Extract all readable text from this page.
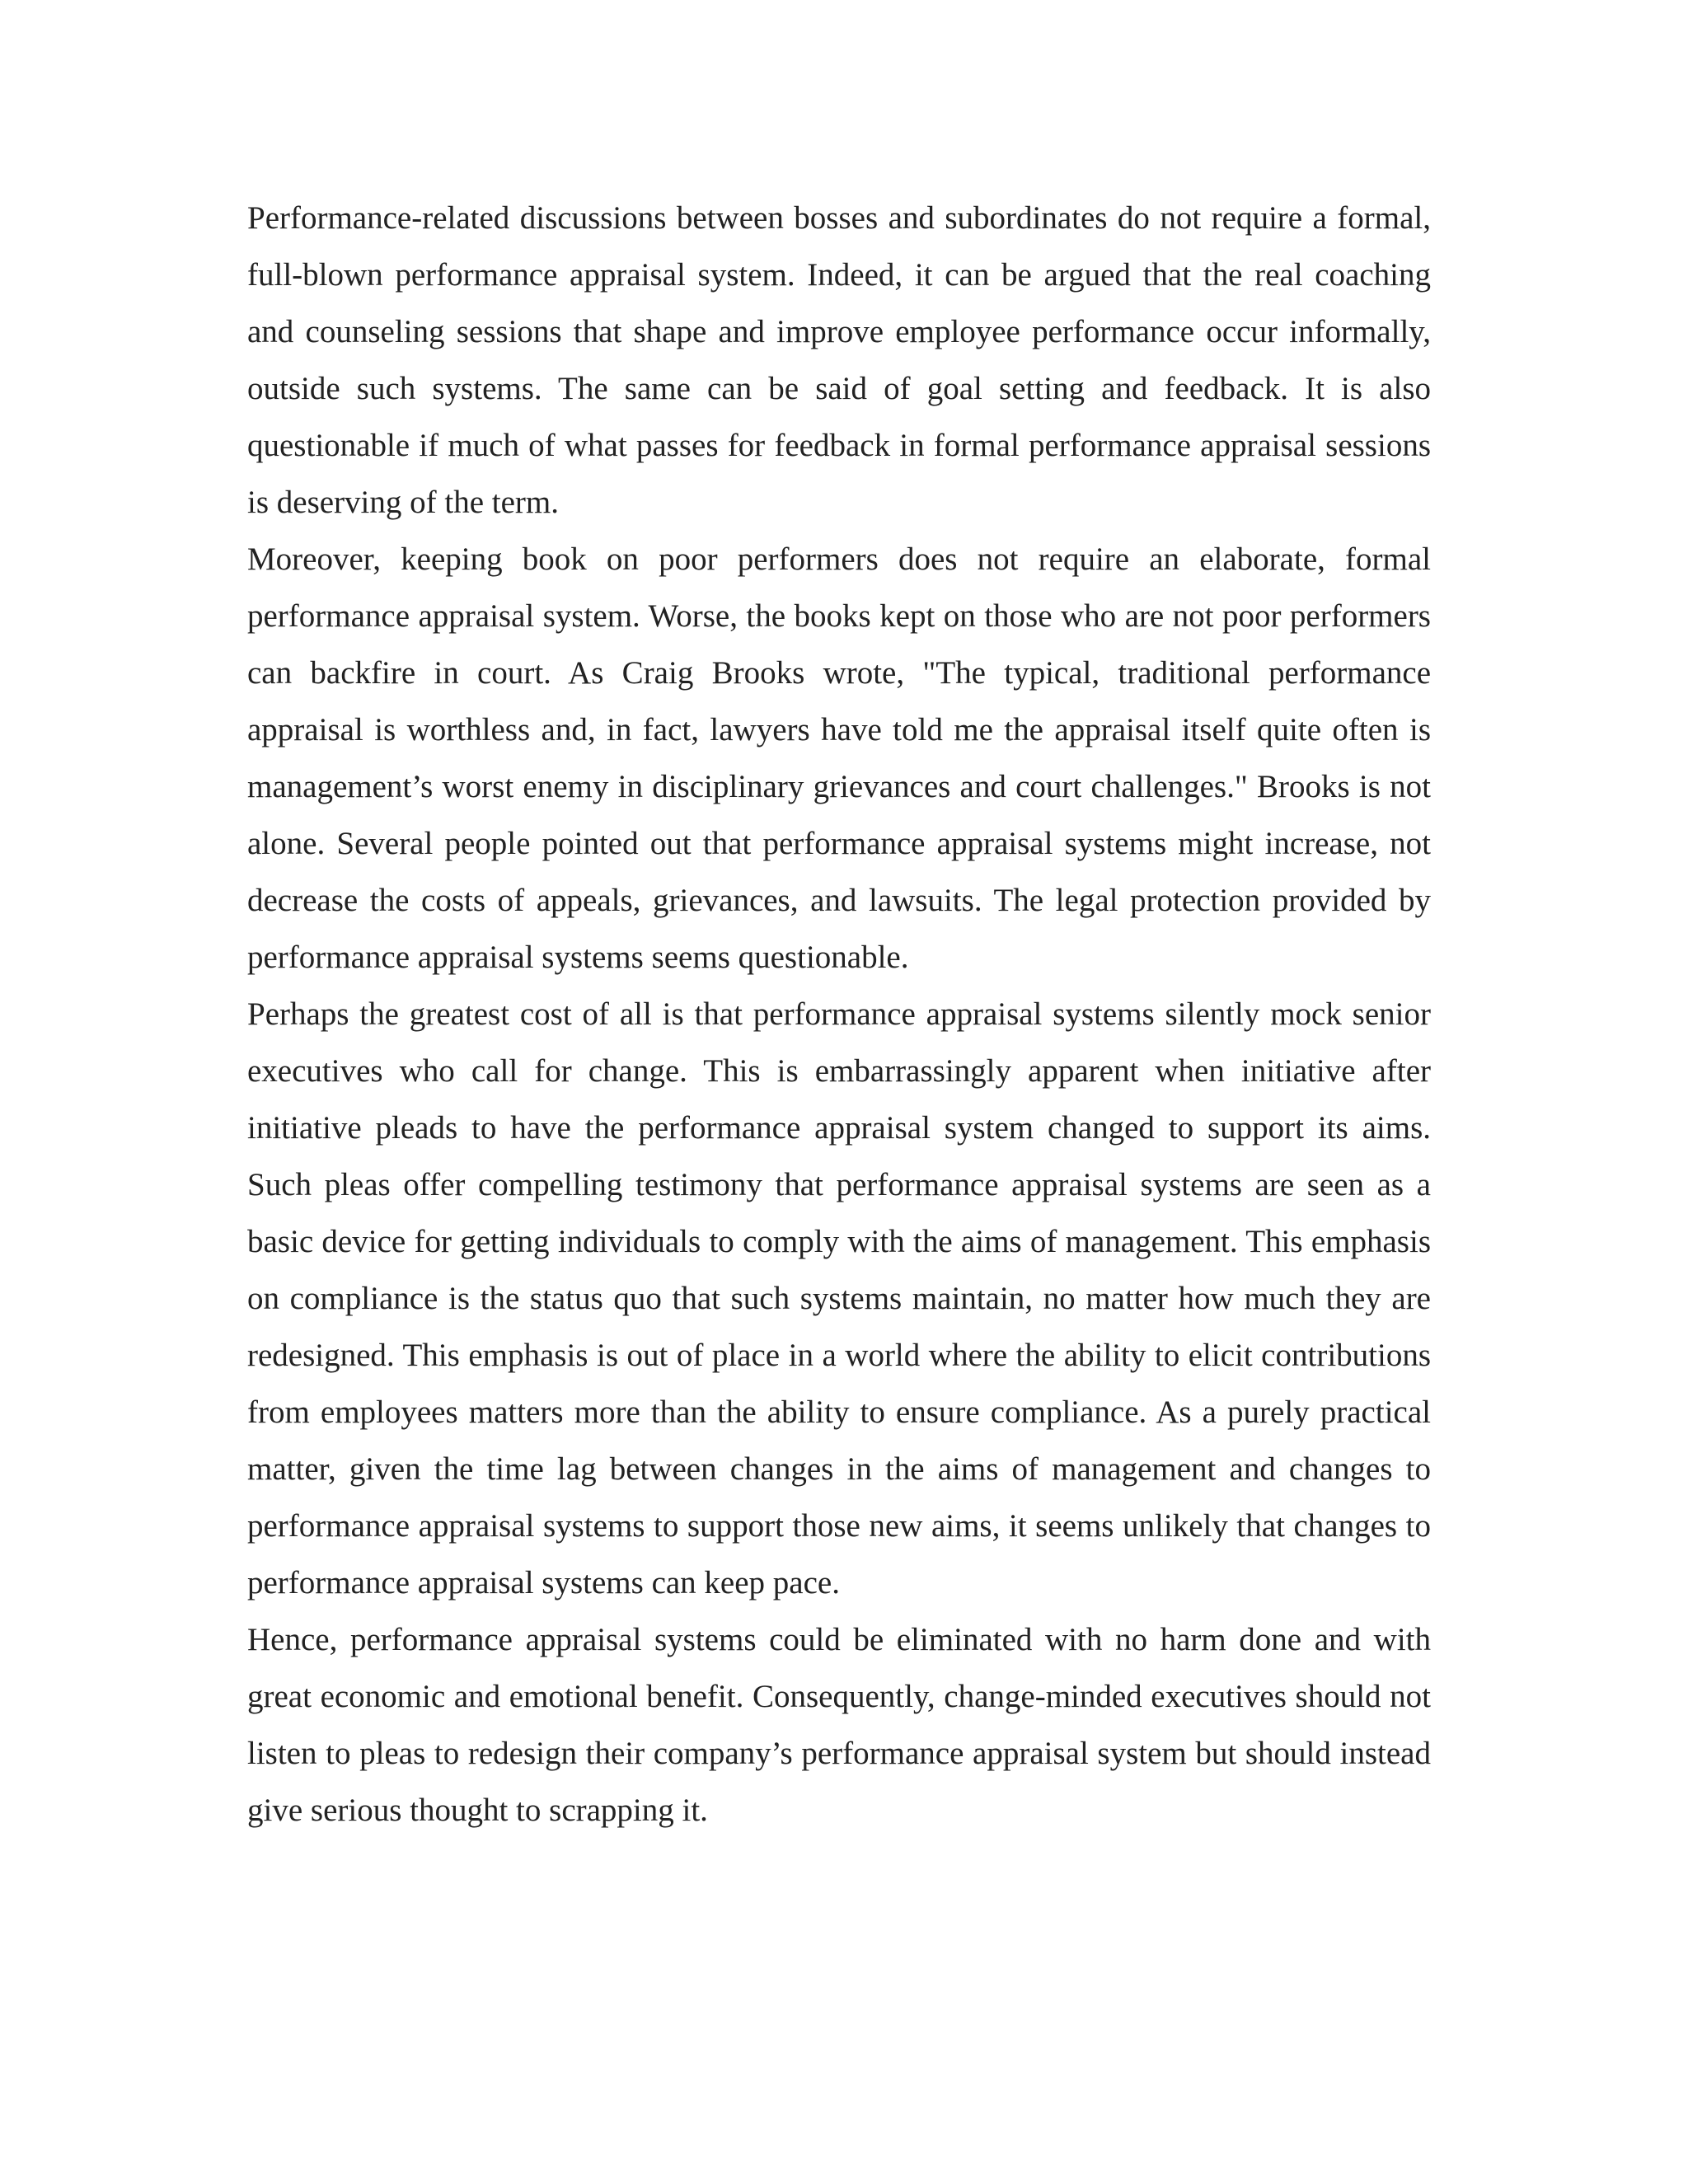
Performance-related discussions between bosses and subordinates do not require a formal, full-blown performance appraisal system. Indeed, it can be argued that the real coaching and counseling sessions that shape and improve employee performance occur informally, outside such systems. The same can be said of goal setting and feedback. It is also questionable if much of what passes for feedback in formal performance appraisal sessions is deserving of the term.

Moreover, keeping book on poor performers does not require an elaborate, formal performance appraisal system. Worse, the books kept on those who are not poor performers can backfire in court. As Craig Brooks wrote, "The typical, traditional performance appraisal is worthless and, in fact, lawyers have told me the appraisal itself quite often is management’s worst enemy in disciplinary grievances and court challenges." Brooks is not alone. Several people pointed out that performance appraisal systems might increase, not decrease the costs of appeals, grievances, and lawsuits. The legal protection provided by performance appraisal systems seems questionable.

Perhaps the greatest cost of all is that performance appraisal systems silently mock senior executives who call for change. This is embarrassingly apparent when initiative after initiative pleads to have the performance appraisal system changed to support its aims. Such pleas offer compelling testimony that performance appraisal systems are seen as a basic device for getting individuals to comply with the aims of management. This emphasis on compliance is the status quo that such systems maintain, no matter how much they are redesigned. This emphasis is out of place in a world where the ability to elicit contributions from employees matters more than the ability to ensure compliance. As a purely practical matter, given the time lag between changes in the aims of management and changes to performance appraisal systems to support those new aims, it seems unlikely that changes to performance appraisal systems can keep pace.

Hence, performance appraisal systems could be eliminated with no harm done and with great economic and emotional benefit. Consequently, change-minded executives should not listen to pleas to redesign their company’s performance appraisal system but should instead give serious thought to scrapping it.
